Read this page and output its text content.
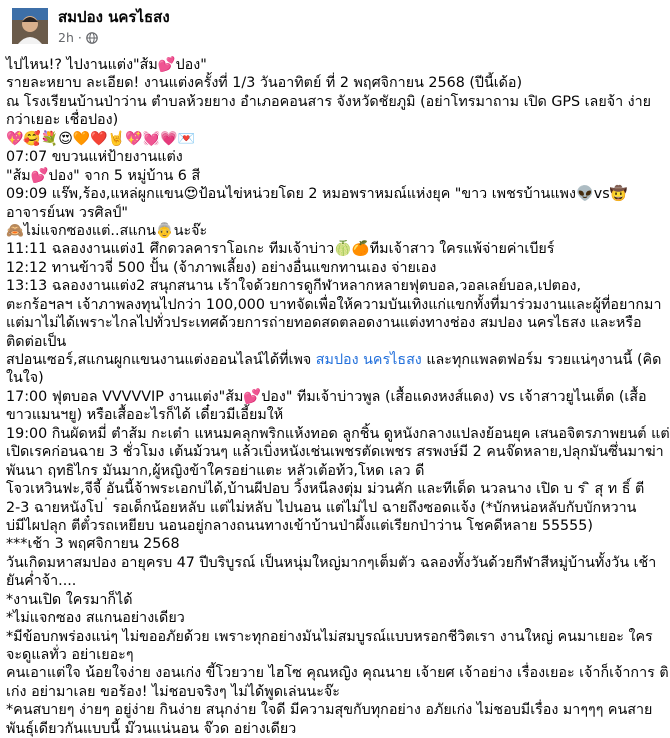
สมปอง นครไธสง
2h ·
ไปไหน!? ไปงานแต่ง"ส้ม💕ปอง"
รายละหยาบ ละเอียด! งานแต่งครั้งที่ 1/3 วันอาทิตย์ ที่ 2 พฤศจิกายน 2568 (ปีนี้เด้อ)
ณ โรงเรียนบ้านป่าว่าน ตำบลห้วยยาง อำเภอคอนสาร จังหวัดชัยภูมิ (อย่าโทรมาถาม เปิด GPS เลยจ้า ง่าย
กว่าเยอะ เชื่อปอง)
💖🥰💐😍🧡❤️🤘💖💓💗💌
07:07 ขบวนแห่ป้ายงานแต่ง
"ส้ม💕ปอง" จาก 5 หมู่บ้าน 6 สี
09:09 แร๊พ,ร้อง,แหล่ผูกแขน😍ป้อนไข่หน่วยโดย 2 หมอพราหมณ์แห่งยุค "ขาว เพชรบ้านแพง👽vs🤠
อาจารย์นพ วรศิลป์"
🙈ไม่แจกซองแต่..สแกน👵นะจ๊ะ
11:11 ฉลองงานแต่ง1 ศึกดวลคาราโอเกะ ทีมเจ้าบ่าว🍈🍊ทีมเจ้าสาว ใครแพ้จ่ายค่าเบียร์
12:12 ทานข้าวจี่ 500 ปั้น (จ้าภาพเลี้ยง) อย่างอื่นแขกทานเอง จ่ายเอง
13:13 ฉลองงานแต่ง2 สนุกสนาน เร้าใจด้วยการดูกีฬาหลากหลายฟุตบอล,วอลเลย์บอล,เปตอง,
ตะกร้อฯลฯ เจ้าภาพลงทุนไปกว่า 100,000 บาทจัดเพื่อให้ความบันเทิงแก่แขกทั้งที่มาร่วมงานและผู้ที่อยากมา
แต่มาไม่ได้เพราะไกลไปทั่วประเทศด้วยการถ่ายทอดสดตลอดงานแต่งทางช่อง สมปอง นครไธสง และหรือ
ติดต่อเป็น
สปอนเซอร์,สแกนผูกแขนงานแต่งออนไลน์ได้ที่เพจ สมปอง นครไธสง และทุกแพลตฟอร์ม รวยแน่ๆงานนี้ (คิด
ในใจ)
17:00 ฟุตบอล VVVVVIP งานแต่ง"ส้ม💕ปอง" ทีมเจ้าบ่าวพูล (เสื้อแดงหงส์แดง) vs เจ้าสาวยูไนเต็ด (เสื้อ
ขาวแมนฯยู) หรือเสื้ออะไรก็ได้ เดี๋ยวมีเอี้ยมให้
19:00 กินผัดหมี่ ตำส้ม กะเต๋า แหนมคลุกพริกแห้งทอด ลูกชิ้น ดูหนังกลางแปลงย้อนยุค เสนอจิตรภาพยนต์ แต่
เปิดเรคก่อนฉาย 3 ชั่วโมง เต้นม้วนๆ แล้วเบิ่งหนังเช่นเพชรตัดเพชร สรพงษ์มี 2 คนจ๊ดหลาย,ปลุกมันซึ่นมาฆ่า
พันนา ฤทธิไกร มันมาก,ผู้หญิงข้าใครอย่าแตะ หลัวเต้อท้ว,โหด เลว ดี
โจวเหวินฟะ,จีจี้ อันนี้จ้าพระเอกบ่ได้,บ้านผีปอบ วิ้งหนีลงตุ่ม ม่วนคัก และทีเด็ด นวลนาง เปิด บ ร ิ สุ ท ธิ์ ตี
2-3 ฉายหนังโป ่ รอเด็กน้อยหลับ แต่ไม่หลับ ไปนอน แต่ไม่ไป ฉายถึงซอดแจ้ง (*บักหน่อหลับกับบักหวาน
บ่มีไผปลุก ตีตั๋วรถเหยียบ นอนอยู่กลางถนนทางเข้าบ้านป่าผึ้งแต่เรียกป่าว่าน โชคดีหลาย 55555)
***เช้า 3 พฤศจิกายน 2568
วันเกิดมหาสมปอง อายุครบ 47 ปีบริบูรณ์ เป็นหนุ่มใหญ่มากๆเต็มตัว ฉลองทั้งวันด้วยกีฬาสีหมู่บ้านทั้งวัน เช้า
ยันค่ำจ้า....
*งานเปิด ใครมาก็ได้
*ไม่แจกซอง สแกนอย่างเดียว
*มีข้อบกพร่องแน่ๆ ไม่ขออภัยด้วย เพราะทุกอย่างมันไม่สมบูรณ์แบบหรอกชีวิตเรา งานใหญ่ คนมาเยอะ ใคร
จะดูแลทั่ว อย่าเยอะๆ
คนเอาแต่ใจ น้อยใจง่าย งอนเก่ง ขี้โวยวาย ไฮโซ คุณหญิง คุณนาย เจ้ายศ เจ้าอย่าง เรื่องเยอะ เจ้าก็เจ้าการ ติ
เก่ง อย่ามาเลย ขอร้อง! ไม่ชอบจริงๆ ไม่ได้พูดเล่นนะจ๊ะ
*คนสบายๆ ง่ายๆ อยู่ง่าย กินง่าย สนุกง่าย ใจดี มีความสุขกับทุกอย่าง อภัยเก่ง ไม่ชอบมีเรื่อง มาๆๆๆ คนสาย
พันธุ์เดียวกันแบบนี้ ม๊วนแน่นอน จ๊วด อย่างเดียว
